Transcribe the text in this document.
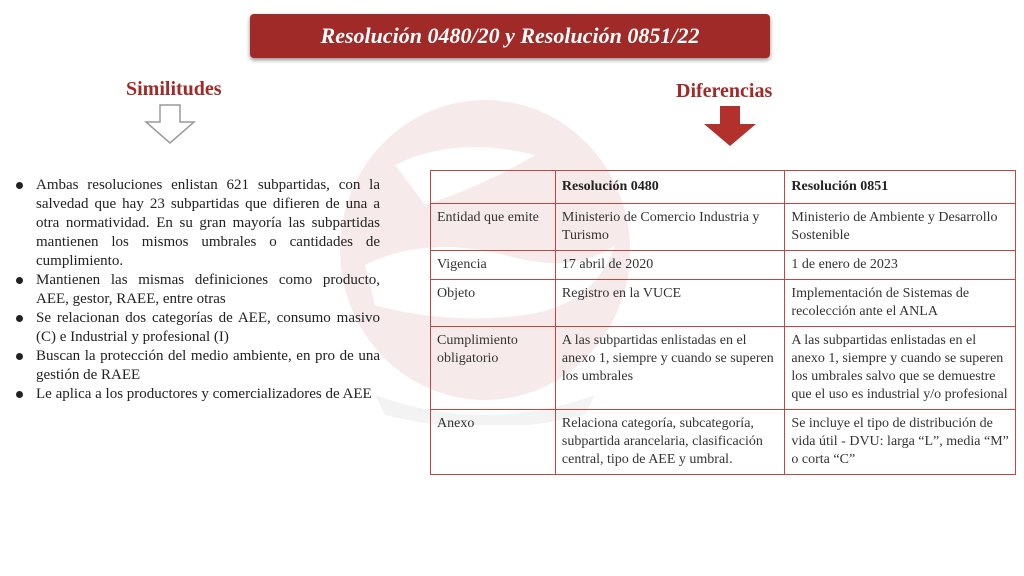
Resolución 0480/20 y Resolución 0851/22
Similitudes	Diferencias
Ambas resoluciones enlistan 621 subpartidas, con la salvedad que hay 23 subpartidas que difieren de una a otra normatividad. En su gran mayoría las subpartidas mantienen los mismos umbrales o cantidades de cumplimiento.
Mantienen las mismas definiciones como producto, AEE, gestor, RAEE, entre otras
Se relacionan dos categorías de AEE, consumo masivo (C) e Industrial y profesional (I)
Buscan la protección del medio ambiente, en pro de una gestión de RAEE
Le aplica a los productores y comercializadores de AEE
	Resolución 0480	Resolución 0851
Entidad que emite	Ministerio de Comercio Industria y Turismo	Ministerio de Ambiente y Desarrollo Sostenible
Vigencia	17 abril de 2020	1 de enero de 2023
Objeto	Registro en la VUCE	Implementación de Sistemas de recolección ante el ANLA
Cumplimiento obligatorio	A las subpartidas enlistadas en el anexo 1, siempre y cuando se superen los umbrales	A las subpartidas enlistadas en el anexo 1, siempre y cuando se superen los umbrales salvo que se demuestre que el uso es industrial y/o profesional
Anexo	Relaciona categoría, subcategoría, subpartida arancelaria, clasificación central, tipo de AEE y umbral.	Se incluye el tipo de distribución de vida útil - DVU: larga “L”, media “M” o corta “C”
